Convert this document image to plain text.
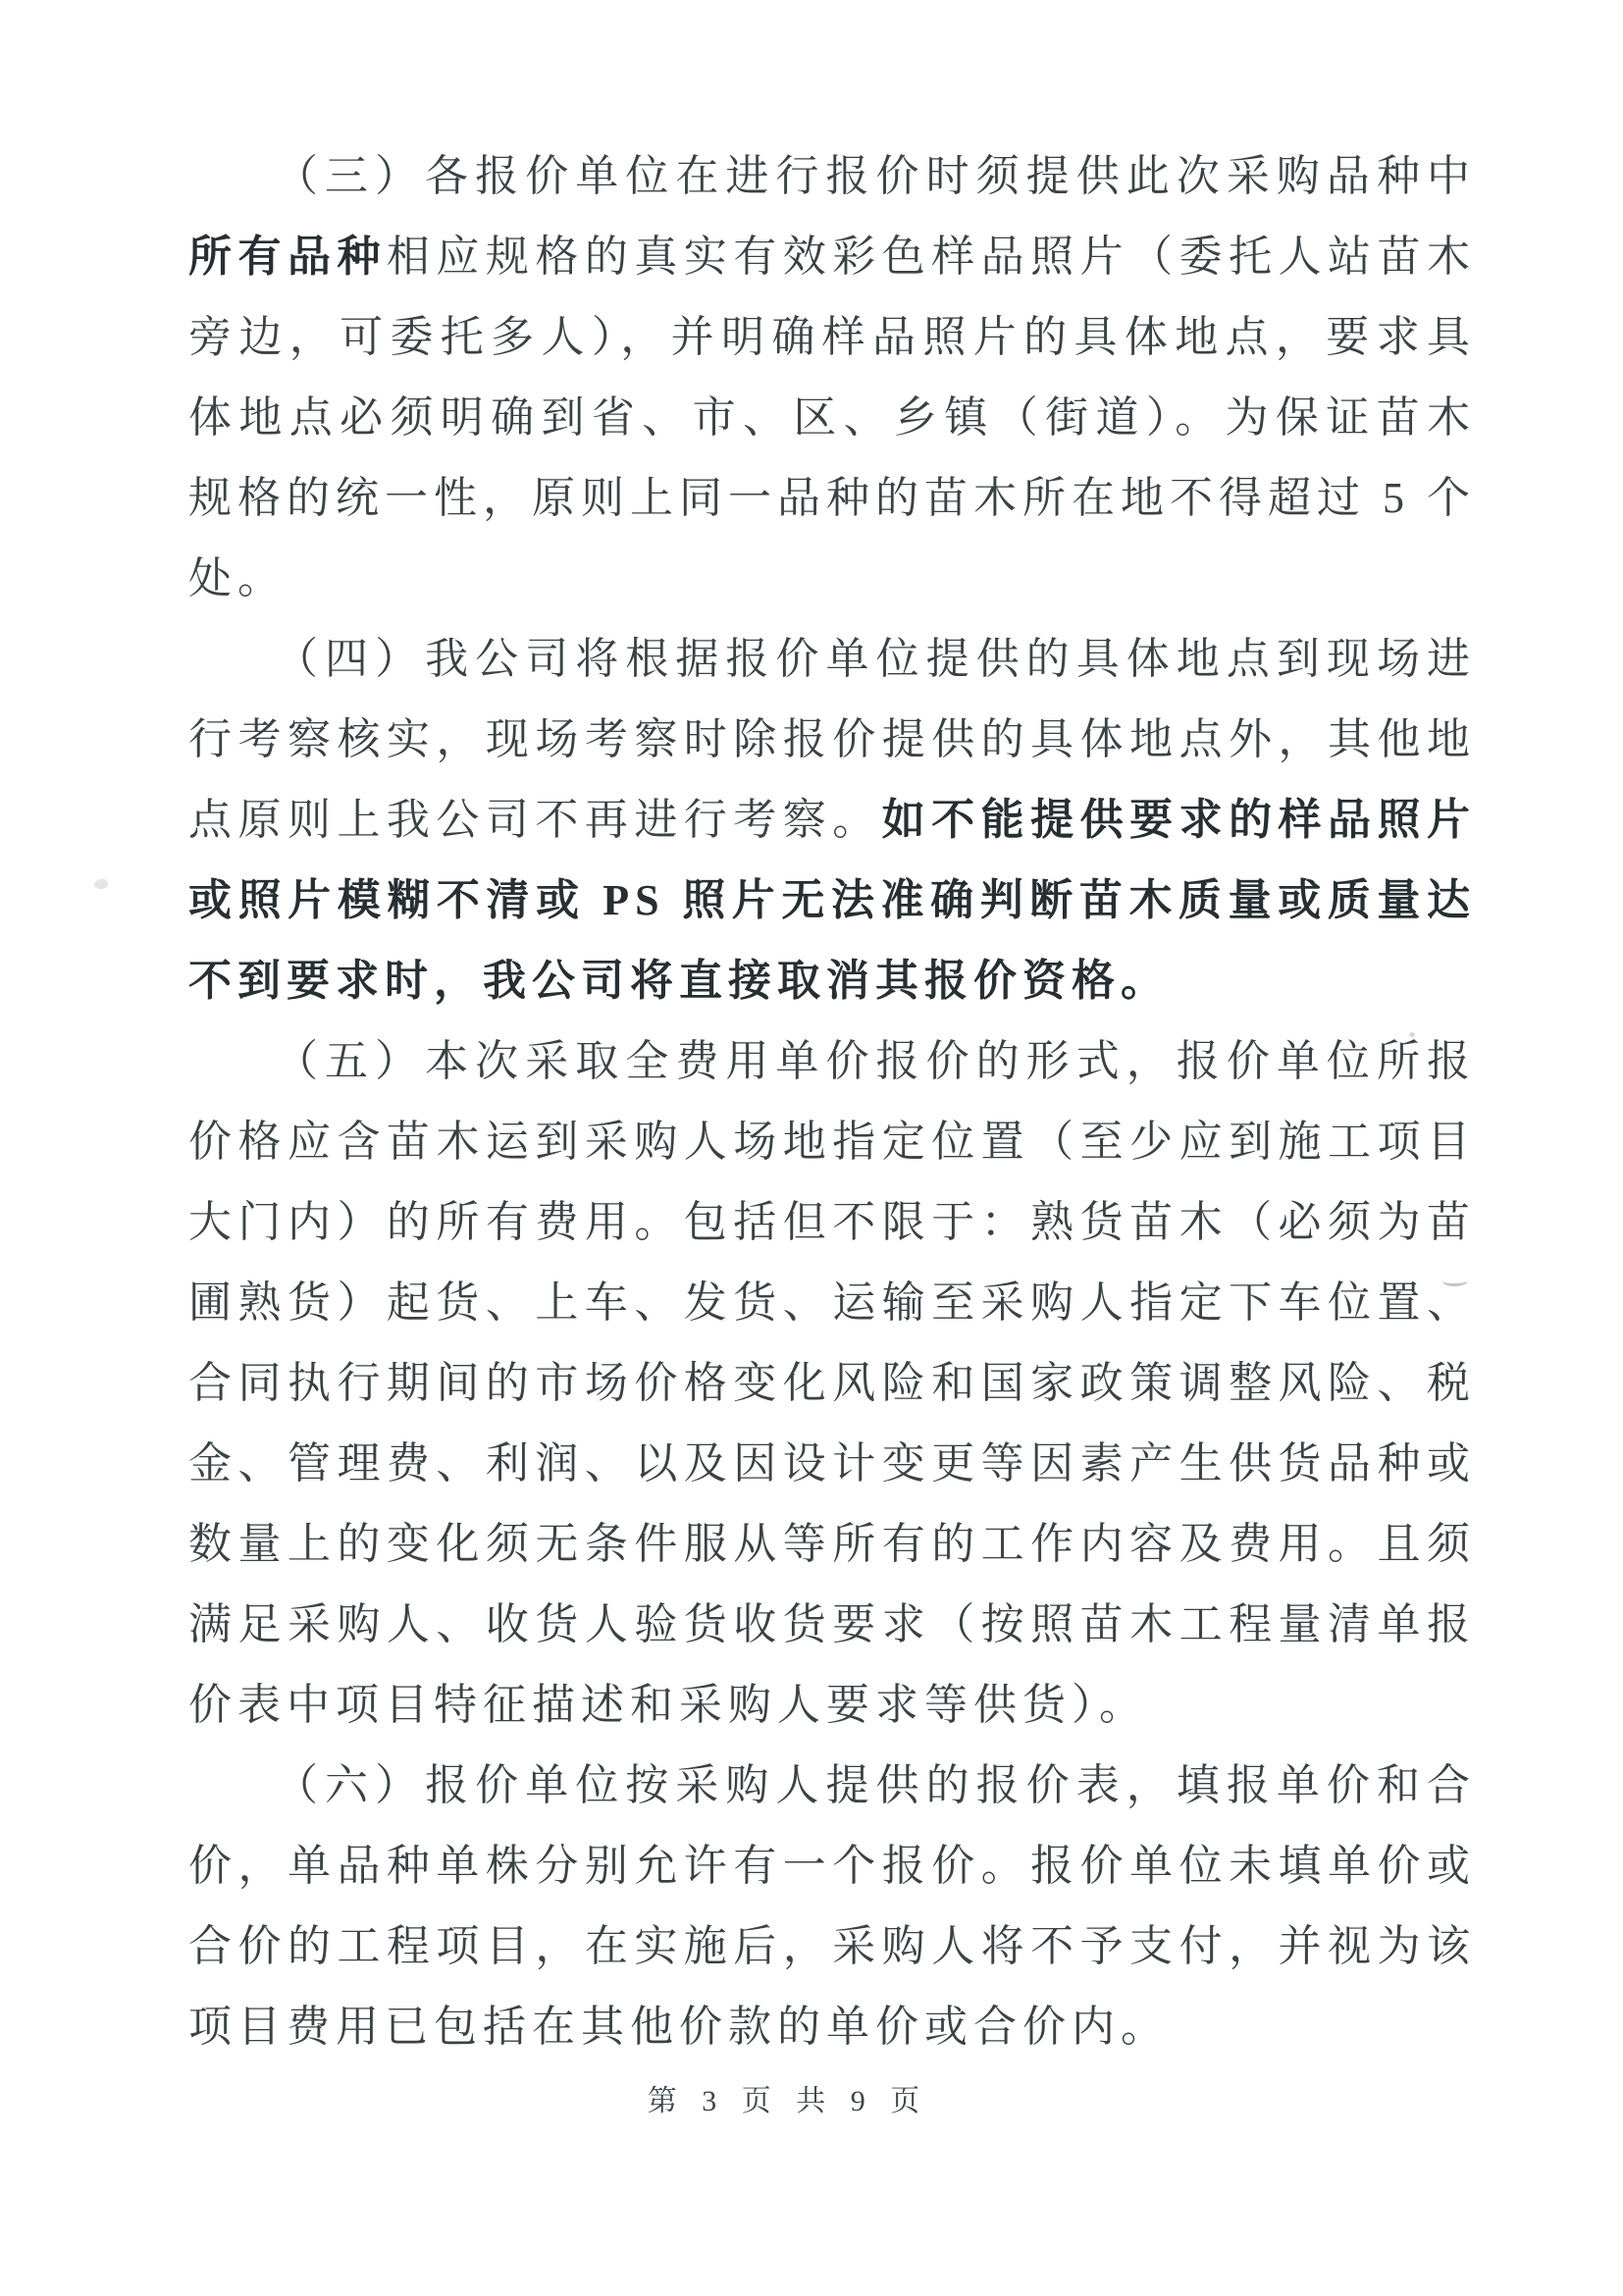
（三）各报价单位在进行报价时须提供此次采购品种中所有品种相应规格的真实有效彩色样品照片（委托人站苗木旁边，可委托多人），并明确样品照片的具体地点，要求具体地点必须明确到省、市、区、乡镇（街道）。为保证苗木规格的统一性，原则上同一品种的苗木所在地不得超过 5 个处。

（四）我公司将根据报价单位提供的具体地点到现场进行考察核实，现场考察时除报价提供的具体地点外，其他地点原则上我公司不再进行考察。如不能提供要求的样品照片或照片模糊不清或 PS 照片无法准确判断苗木质量或质量达不到要求时，我公司将直接取消其报价资格。

（五）本次采取全费用单价报价的形式，报价单位所报价格应含苗木运到采购人场地指定位置（至少应到施工项目大门内）的所有费用。包括但不限于：熟货苗木（必须为苗圃熟货）起货、上车、发货、运输至采购人指定下车位置、合同执行期间的市场价格变化风险和国家政策调整风险、税金、管理费、利润、以及因设计变更等因素产生供货品种或数量上的变化须无条件服从等所有的工作内容及费用。且须满足采购人、收货人验货收货要求（按照苗木工程量清单报价表中项目特征描述和采购人要求等供货）。

（六）报价单位按采购人提供的报价表，填报单价和合价，单品种单株分别允许有一个报价。报价单位未填单价或合价的工程项目，在实施后，采购人将不予支付，并视为该项目费用已包括在其他价款的单价或合价内。

第 3 页 共 9 页
